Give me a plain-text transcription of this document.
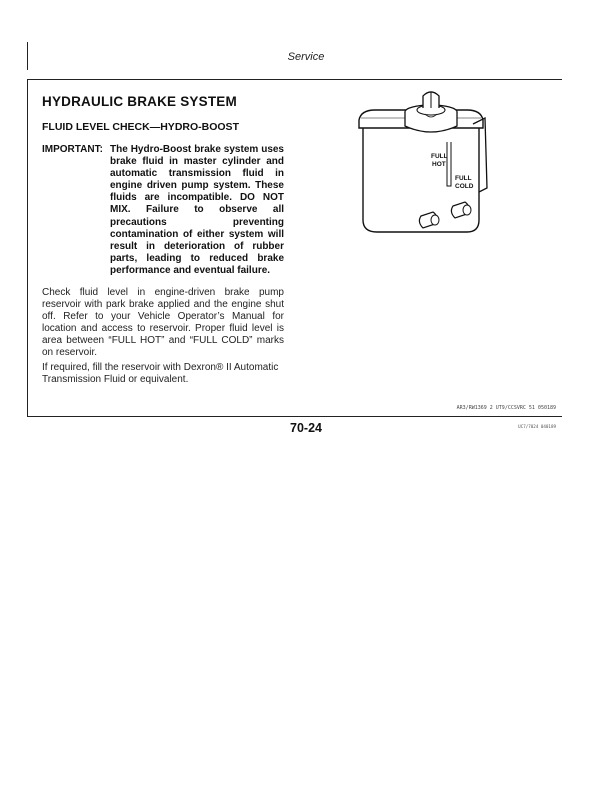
Service
HYDRAULIC BRAKE SYSTEM
FLUID LEVEL CHECK—HYDRO-BOOST
IMPORTANT: The Hydro-Boost brake system uses brake fluid in master cylinder and automatic transmission fluid in engine driven pump system. These fluids are incompatible. DO NOT MIX. Failure to observe all precautions preventing contamination of either system will result in deterioration of rubber parts, leading to reduced brake performance and eventual failure.
Check fluid level in engine-driven brake pump reservoir with park brake applied and the engine shut off. Refer to your Vehicle Operator’s Manual for location and access to reservoir. Proper fluid level is area between “FULL HOT” and “FULL COLD” marks on reservoir.
If required, fill the reservoir with Dexron® II Automatic Transmission Fluid or equivalent.
FULL
HOT
FULL
COLD
AR3/RW1369 2 UT9/CCSVRC 51 050189
70-24	UC7/7024 040189
